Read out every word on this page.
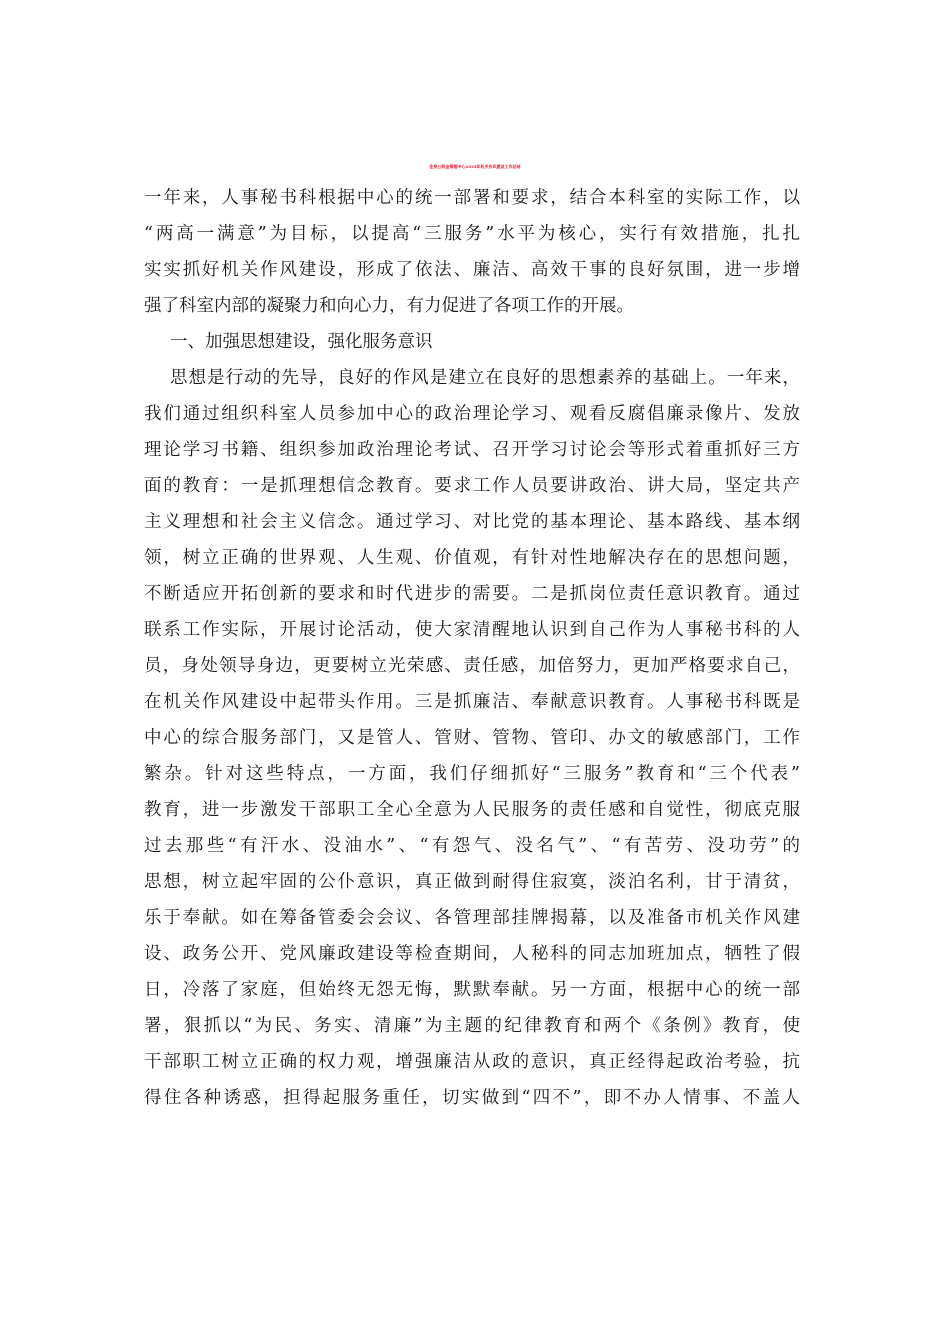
住房公积金管理中心2025年机关作风建设工作总结
一年来，人事秘书科根据中心的统一部署和要求，结合本科室的实际工作，以
“两高一满意”为目标，以提高“三服务”水平为核心，实行有效措施，扎扎
实实抓好机关作风建设，形成了依法、廉洁、高效干事的良好氛围，进一步增
强了科室内部的凝聚力和向心力，有力促进了各项工作的开展。
一、加强思想建设，强化服务意识
思想是行动的先导，良好的作风是建立在良好的思想素养的基础上。一年来，
我们通过组织科室人员参加中心的政治理论学习、观看反腐倡廉录像片、发放
理论学习书籍、组织参加政治理论考试、召开学习讨论会等形式着重抓好三方
面的教育：一是抓理想信念教育。要求工作人员要讲政治、讲大局，坚定共产
主义理想和社会主义信念。通过学习、对比党的基本理论、基本路线、基本纲
领，树立正确的世界观、人生观、价值观，有针对性地解决存在的思想问题，
不断适应开拓创新的要求和时代进步的需要。二是抓岗位责任意识教育。通过
联系工作实际，开展讨论活动，使大家清醒地认识到自己作为人事秘书科的人
员，身处领导身边，更要树立光荣感、责任感，加倍努力，更加严格要求自己，
在机关作风建设中起带头作用。三是抓廉洁、奉献意识教育。人事秘书科既是
中心的综合服务部门，又是管人、管财、管物、管印、办文的敏感部门，工作
繁杂。针对这些特点，一方面，我们仔细抓好“三服务”教育和“三个代表”
教育，进一步激发干部职工全心全意为人民服务的责任感和自觉性，彻底克服
过去那些“有汗水、没油水”、“有怨气、没名气”、“有苦劳、没功劳”的
思想，树立起牢固的公仆意识，真正做到耐得住寂寞，淡泊名利，甘于清贫，
乐于奉献。如在筹备管委会会议、各管理部挂牌揭幕，以及准备市机关作风建
设、政务公开、党风廉政建设等检查期间，人秘科的同志加班加点，牺牲了假
日，冷落了家庭，但始终无怨无悔，默默奉献。另一方面，根据中心的统一部
署，狠抓以“为民、务实、清廉”为主题的纪律教育和两个《条例》教育，使
干部职工树立正确的权力观，增强廉洁从政的意识，真正经得起政治考验，抗
得住各种诱惑，担得起服务重任，切实做到“四不”，即不办人情事、不盖人
